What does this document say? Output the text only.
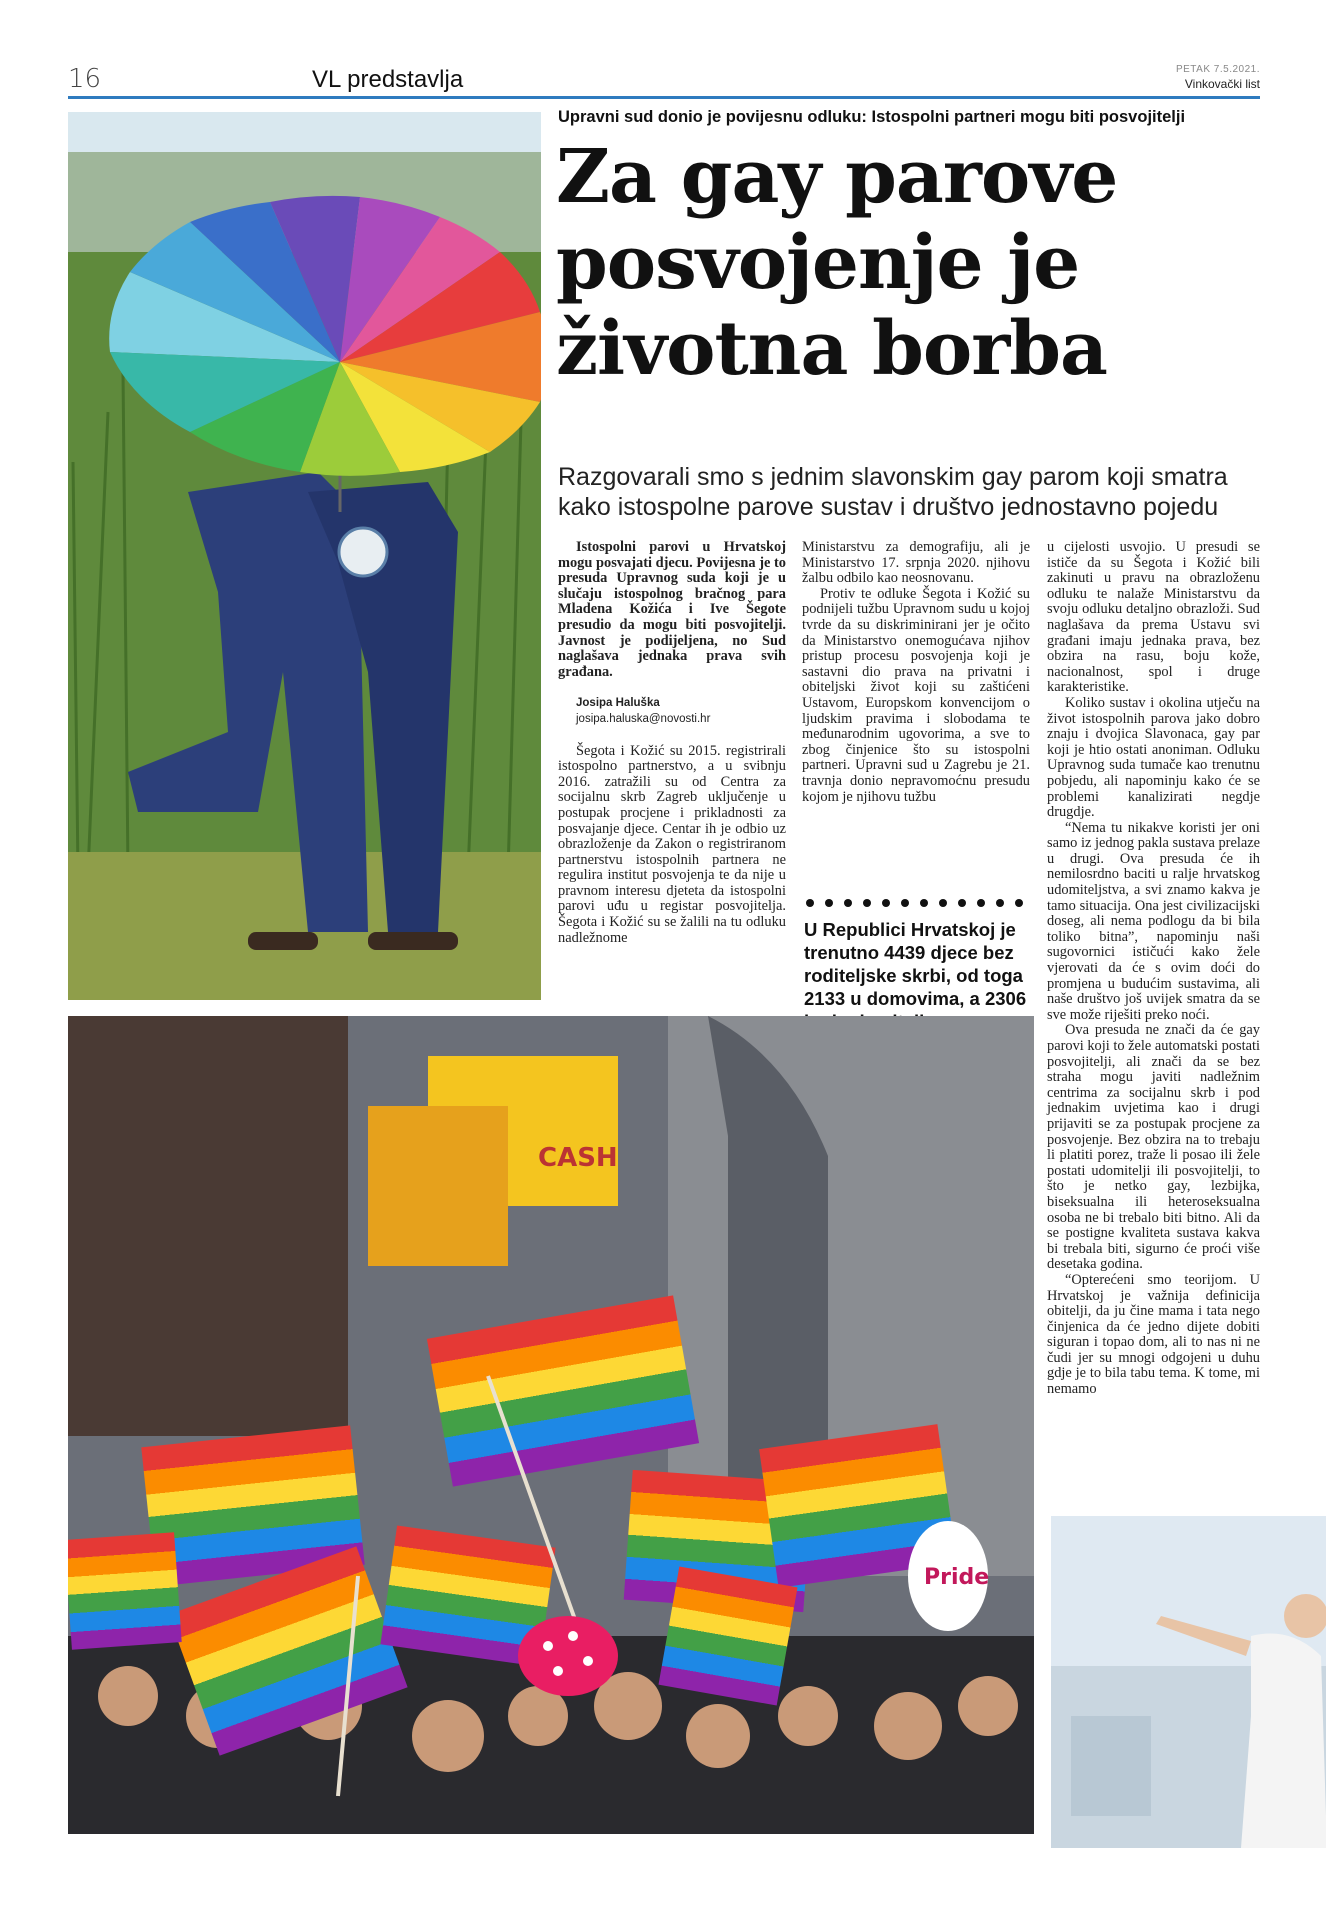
16	VL predstavlja	PETAK 7.5.2021.
Vinkovački list
Upravni sud donio je povijesnu odluku: Istospolni partneri mogu biti posvojitelji
Za gay parove posvojenje je životna borba
Razgovarali smo s jednim slavonskim gay parom koji smatra kako istospolne parove sustav i društvo jednostavno pojedu

Istospolni parovi u Hrvatskoj mogu posvajati djecu. Povijesna je to presuda Upravnog suda koji je u slučaju istospolnog bračnog para Mladena Kožića i Ive Šegote presudio da mogu biti posvojitelji. Javnost je podijeljena, no Sud naglašava jednaka prava svih građana.

Josipa Haluška

josipa.haluska@novosti.hr

Šegota i Kožić su 2015. registrirali istospolno partnerstvo, a u svibnju 2016. zatražili su od Centra za socijalnu skrb Zagreb uključenje u postupak procjene i prikladnosti za posvajanje djece. Centar ih je odbio uz obrazloženje da Zakon o registriranom partnerstvu istospolnih partnera ne regulira institut posvojenja te da nije u pravnom interesu djeteta da istospolni parovi uđu u registar posvojitelja. Šegota i Kožić su se žalili na tu odluku nadležnome

Ministarstvu za demografiju, ali je Ministarstvo 17. srpnja 2020. njihovu žalbu odbilo kao neosnovanu.

Protiv te odluke Šegota i Kožić su podnijeli tužbu Upravnom sudu u kojoj tvrde da su diskriminirani jer je očito da Ministarstvo onemogućava njihov pristup procesu posvojenja koji je sastavni dio prava na privatni i obiteljski život koji su zaštićeni Ustavom, Europskom konvencijom o ljudskim pravima i slobodama te međunarodnim ugovorima, a sve to zbog činjenice što su istospolni partneri. Upravni sud u Zagrebu je 21. travnja donio nepravomoćnu presudu kojom je njihovu tužbu

U Republici Hrvatskoj je trenutno 4439 djece bez roditeljske skrbi, od toga 2133 u domovima, a 2306

u cijelosti usvojio. U presudi se ističe da su Šegota i Kožić bili zakinuti u pravu na obrazloženu odluku te nalaže Ministarstvu da svoju odluku detaljno obrazloži. Sud naglašava da prema Ustavu svi građani imaju jednaka prava, bez obzira na rasu, boju kože, nacionalnost, spol i druge karakteristike.

Koliko sustav i okolina utječu na život istospolnih parova jako dobro znaju i dvojica Slavonaca, gay par koji je htio ostati anoniman. Odluku Upravnog suda tumače kao trenutnu pobjedu, ali napominju kako će se problemi kanalizirati negdje drugdje.

“Nema tu nikakve koristi jer oni samo iz jednog pakla sustava prelaze u drugi. Ova presuda će ih nemilosrdno baciti u ralje hrvatskog udomiteljstva, a svi znamo kakva je tamo situacija. Ona jest civilizacijski doseg, ali nema podlogu da bi bila toliko bitna”, napominju naši sugovornici ističući kako žele vjerovati da će s ovim doći do promjena u budućim sustavima, ali naše društvo još uvijek smatra da se sve može riješiti preko noći.

Ova presuda ne znači da će gay parovi koji to žele automatski postati posvojitelji, ali znači da se bez straha mogu javiti nadležnim centrima za socijalnu skrb i pod jednakim uvjetima kao i drugi prijaviti se za postupak procjene za posvojenje. Bez obzira na to trebaju li platiti porez, traže li posao ili žele postati udomitelji ili posvojitelji, to što je netko gay, lezbijka, biseksualna ili heteroseksualna osoba ne bi trebalo biti bitno. Ali da se postigne kvaliteta sustava kakva bi trebala biti, sigurno će proći više desetaka godina.

“Opterećeni smo teorijom. U Hrvatskoj je važnija definicija obitelji, da ju čine mama i tata nego činjenica da će jedno dijete dobiti siguran i topao dom, ali to nas ni ne čudi jer su mnogi odgojeni u duhu gdje je to bila tabu tema. K tome, mi nemamo

CASH
Pride
